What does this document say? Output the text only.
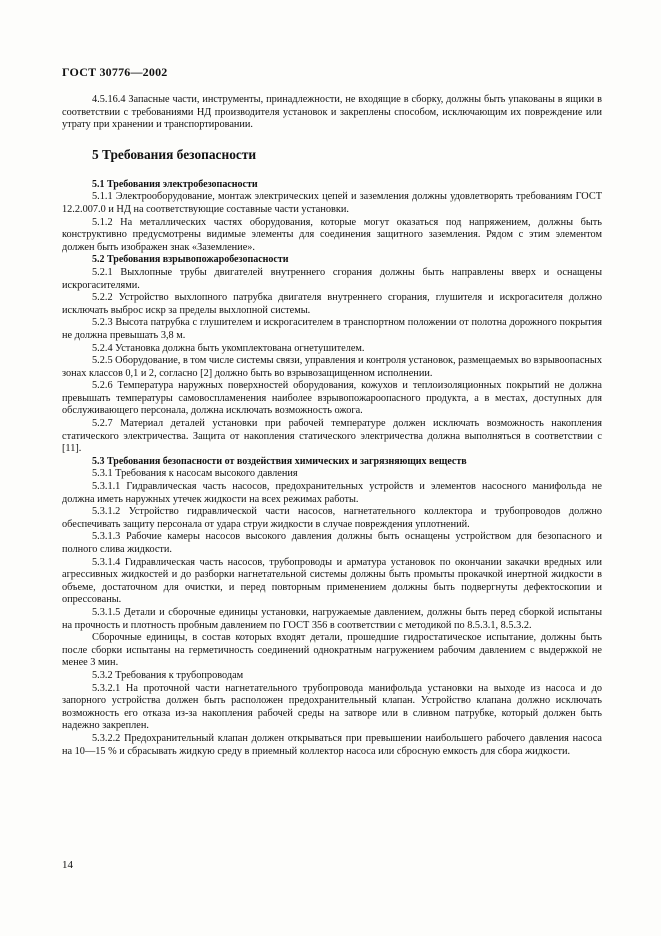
ГОСТ 30776—2002

4.5.16.4 Запасные части, инструменты, принадлежности, не входящие в сборку, должны быть упакованы в ящики в соответствии с требованиями НД производителя установок и закреплены способом, исключающим их повреждение или утрату при хранении и транспортировании.

5 Требования безопасности

5.1 Требования электробезопасности

5.1.1 Электрооборудование, монтаж электрических цепей и заземления должны удовлетворять требованиям ГОСТ 12.2.007.0 и НД на соответствующие составные части установки.

5.1.2 На металлических частях оборудования, которые могут оказаться под напряжением, должны быть конструктивно предусмотрены видимые элементы для соединения защитного заземления. Рядом с этим элементом должен быть изображен знак «Заземление».

5.2 Требования взрывопожаробезопасности

5.2.1 Выхлопные трубы двигателей внутреннего сгорания должны быть направлены вверх и оснащены искрогасителями.

5.2.2 Устройство выхлопного патрубка двигателя внутреннего сгорания, глушителя и искрогасителя должно исключать выброс искр за пределы выхлопной системы.

5.2.3 Высота патрубка с глушителем и искрогасителем в транспортном положении от полотна дорожного покрытия не должна превышать 3,8 м.

5.2.4 Установка должна быть укомплектована огнетушителем.

5.2.5 Оборудование, в том числе системы связи, управления и контроля установок, размещаемых во взрывоопасных зонах классов 0,1 и 2, согласно [2] должно быть во взрывозащищенном исполнении.

5.2.6 Температура наружных поверхностей оборудования, кожухов и теплоизоляционных покрытий не должна превышать температуры самовоспламенения наиболее взрывопожароопасного продукта, а в местах, доступных для обслуживающего персонала, должна исключать возможность ожога.

5.2.7 Материал деталей установки при рабочей температуре должен исключать возможность накопления статического электричества. Защита от накопления статического электричества должна выполняться в соответствии с [11].

5.3 Требования безопасности от воздействия химических и загрязняющих веществ

5.3.1 Требования к насосам высокого давления

5.3.1.1 Гидравлическая часть насосов, предохранительных устройств и элементов насосного манифольда не должна иметь наружных утечек жидкости на всех режимах работы.

5.3.1.2 Устройство гидравлической части насосов, нагнетательного коллектора и трубопроводов должно обеспечивать защиту персонала от удара струи жидкости в случае повреждения уплотнений.

5.3.1.3 Рабочие камеры насосов высокого давления должны быть оснащены устройством для безопасного и полного слива жидкости.

5.3.1.4 Гидравлическая часть насосов, трубопроводы и арматура установок по окончании закачки вредных или агрессивных жидкостей и до разборки нагнетательной системы должны быть промыты прокачкой инертной жидкости в объеме, достаточном для очистки, и перед повторным применением должны быть подвергнуты дефектоскопии и опрессованы.

5.3.1.5 Детали и сборочные единицы установки, нагружаемые давлением, должны быть перед сборкой испытаны на прочность и плотность пробным давлением по ГОСТ 356 в соответствии с методикой по 8.5.3.1, 8.5.3.2.

Сборочные единицы, в состав которых входят детали, прошедшие гидростатическое испытание, должны быть после сборки испытаны на герметичность соединений однократным нагружением рабочим давлением с выдержкой не менее 3 мин.

5.3.2 Требования к трубопроводам

5.3.2.1 На проточной части нагнетательного трубопровода манифольда установки на выходе из насоса и до запорного устройства должен быть расположен предохранительный клапан. Устройство клапана должно исключать возможность его отказа из-за накопления рабочей среды на затворе или в сливном патрубке, который должен быть надежно закреплен.

5.3.2.2 Предохранительный клапан должен открываться при превышении наибольшего рабочего давления насоса на 10—15 % и сбрасывать жидкую среду в приемный коллектор насоса или сбросную емкость для сбора жидкости.

14
